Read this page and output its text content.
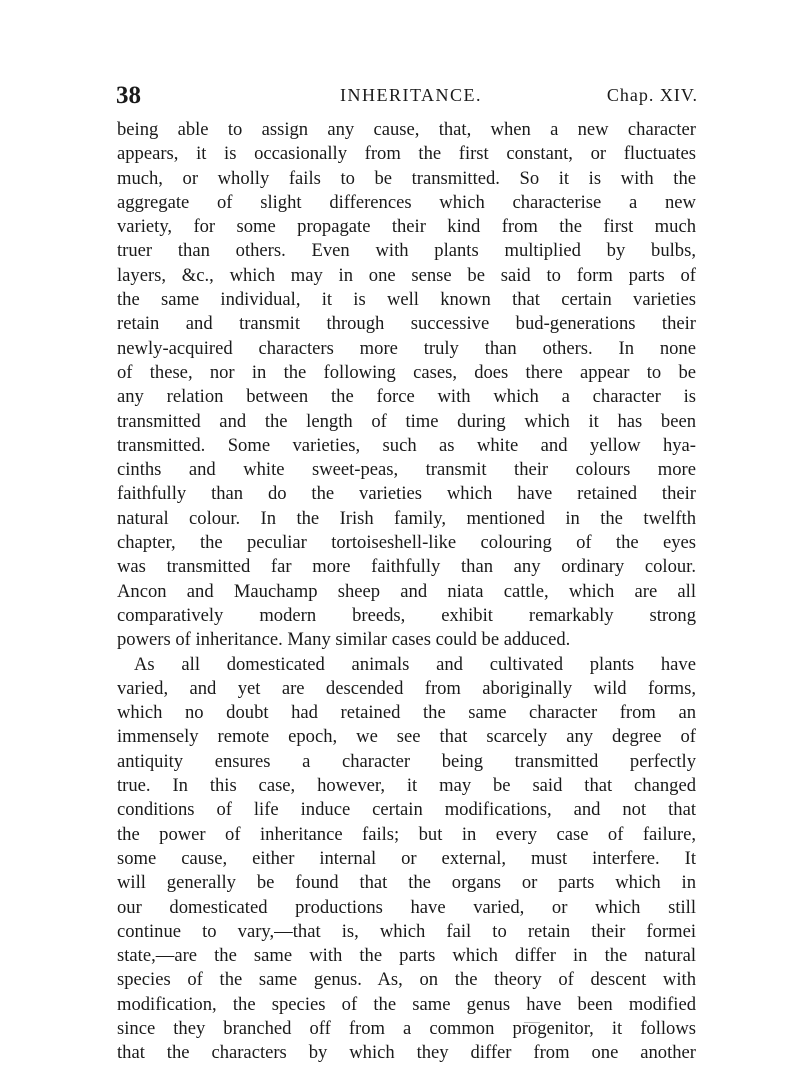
38	INHERITANCE.	Chap. XIV.
being able to assign any cause, that, when a new character
appears, it is occasionally from the first constant, or fluctuates
much, or wholly fails to be transmitted. So it is with the
aggregate of slight differences which characterise a new
variety, for some propagate their kind from the first much
truer than others. Even with plants multiplied by bulbs,
layers, &c., which may in one sense be said to form parts of
the same individual, it is well known that certain varieties
retain and transmit through successive bud-generations their
newly-acquired characters more truly than others. In none
of these, nor in the following cases, does there appear to be
any relation between the force with which a character is
transmitted and the length of time during which it has been
transmitted. Some varieties, such as white and yellow hya-
cinths and white sweet-peas, transmit their colours more
faithfully than do the varieties which have retained their
natural colour. In the Irish family, mentioned in the twelfth
chapter, the peculiar tortoiseshell-like colouring of the eyes
was transmitted far more faithfully than any ordinary colour.
Ancon and Mauchamp sheep and niata cattle, which are all
comparatively modern breeds, exhibit remarkably strong
powers of inheritance. Many similar cases could be adduced.
As all domesticated animals and cultivated plants have
varied, and yet are descended from aboriginally wild forms,
which no doubt had retained the same character from an
immensely remote epoch, we see that scarcely any degree of
antiquity ensures a character being transmitted perfectly
true. In this case, however, it may be said that changed
conditions of life induce certain modifications, and not that
the power of inheritance fails; but in every case of failure,
some cause, either internal or external, must interfere. It
will generally be found that the organs or parts which in
our domesticated productions have varied, or which still
continue to vary,—that is, which fail to retain their formei
state,—are the same with the parts which differ in the natural
species of the same genus. As, on the theory of descent with
modification, the species of the same genus have been modified
since they branched off from a common progenitor, it follows
that the characters by which they differ from one another
